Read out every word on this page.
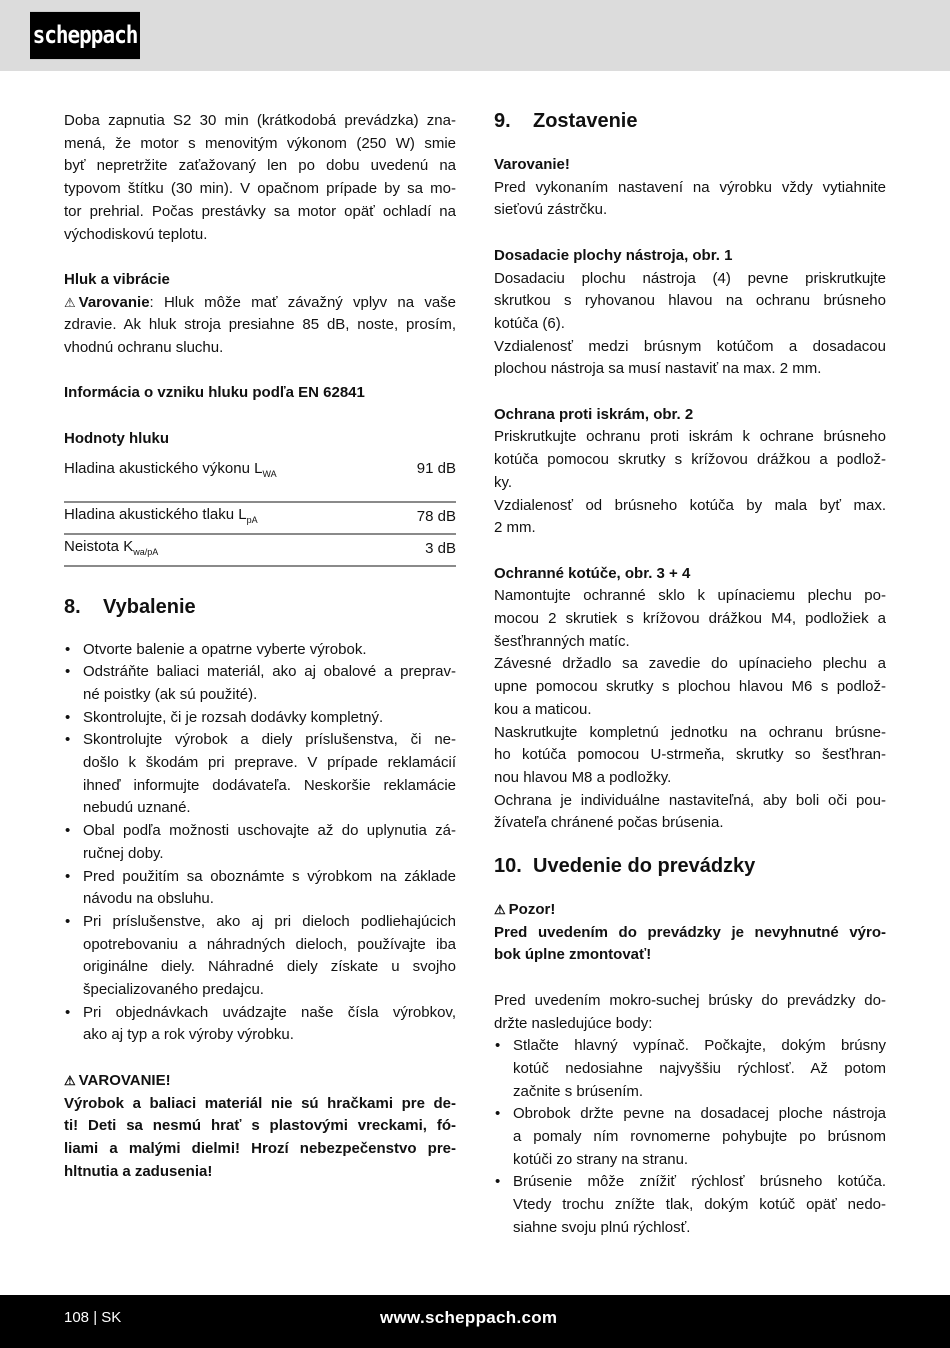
scheppach
Doba zapnutia S2 30 min (krátkodobá prevádzka) zna-
mená, že motor s menovitým výkonom (250 W) smie
byť nepretržite zaťažovaný len po dobu uvedenú na
typovom štítku (30 min). V opačnom prípade by sa mo-
tor prehrial. Počas prestávky sa motor opäť ochladí na
východiskovú teplotu.
Hluk a vibrácie
⚠ Varovanie: Hluk môže mať závažný vplyv na vaše
zdravie. Ak hluk stroja presiahne 85 dB, noste, prosím,
vhodnú ochranu sluchu.
Informácia o vzniku hluku podľa EN 62841
Hodnoty hluku
Hladina akustického výkonu $L_{WA}$	91 dB
Hladina akustického tlaku $L_{pA}$	78 dB
Neistota $K_{wa/pA}$	3 dB
8.	Vybalenie
• Otvorte balenie a opatrne vyberte výrobok.
• Odstráňte baliaci materiál, ako aj obalové a preprav-
né poistky (ak sú použité).
• Skontrolujte, či je rozsah dodávky kompletný.
• Skontrolujte výrobok a diely príslušenstva, či ne-
došlo k škodám pri preprave. V prípade reklamácií
ihneď informujte dodávateľa. Neskoršie reklamácie
nebudú uznané.
• Obal podľa možnosti uschovajte až do uplynutia zá-
ručnej doby.
• Pred použitím sa oboznámte s výrobkom na základe
návodu na obsluhu.
• Pri príslušenstve, ako aj pri dieloch podliehajúcich
opotrebovaniu a náhradných dieloch, používajte iba
originálne diely. Náhradné diely získate u svojho
špecializovaného predajcu.
• Pri objednávkach uvádzajte naše čísla výrobkov,
ako aj typ a rok výroby výrobku.
⚠ VAROVANIE!
Výrobok a baliaci materiál nie sú hračkami pre de-
ti! Deti sa nesmú hrať s plastovými vreckami, fó-
liami a malými dielmi! Hrozí nebezpečenstvo pre-
hltnutia a zadusenia!
9.	Zostavenie
Varovanie!
Pred vykonaním nastavení na výrobku vždy vytiahnite
sieťovú zástrčku.
Dosadacie plochy nástroja, obr. 1
Dosadaciu plochu nástroja (4) pevne priskrutkujte
skrutkou s ryhovanou hlavou na ochranu brúsneho
kotúča (6).
Vzdialenosť medzi brúsnym kotúčom a dosadacou
plochou nástroja sa musí nastaviť na max. 2 mm.
Ochrana proti iskrám, obr. 2
Priskrutkujte ochranu proti iskrám k ochrane brúsneho
kotúča pomocou skrutky s krížovou drážkou a podlož-
ky.
Vzdialenosť od brúsneho kotúča by mala byť max.
2 mm.
Ochranné kotúče, obr. 3 + 4
Namontujte ochranné sklo k upínaciemu plechu po-
mocou 2 skrutiek s krížovou drážkou M4, podložiek a
šesťhranných matíc.
Závesné držadlo sa zavedie do upínacieho plechu a
upne pomocou skrutky s plochou hlavou M6 s podlož-
kou a maticou.
Naskrutkujte kompletnú jednotku na ochranu brúsne-
ho kotúča pomocou U-strmeňa, skrutky so šesťhran-
nou hlavou M8 a podložky.
Ochrana je individuálne nastaviteľná, aby boli oči pou-
žívateľa chránené počas brúsenia.
10. Uvedenie do prevádzky
⚠ Pozor!
Pred uvedením do prevádzky je nevyhnutné výro-
bok úplne zmontovať!
Pred uvedením mokro-suchej brúsky do prevádzky do-
držte nasledujúce body:
• Stlačte hlavný vypínač. Počkajte, dokým brúsny
kotúč nedosiahne najvyššiu rýchlosť. Až potom
začnite s brúsením.
• Obrobok držte pevne na dosadacej ploche nástroja
a pomaly ním rovnomerne pohybujte po brúsnom
kotúči zo strany na stranu.
• Brúsenie môže znížiť rýchlosť brúsneho kotúča.
Vtedy trochu znížte tlak, dokým kotúč opäť nedo-
siahne svoju plnú rýchlosť.
108 | SK	www.scheppach.com
